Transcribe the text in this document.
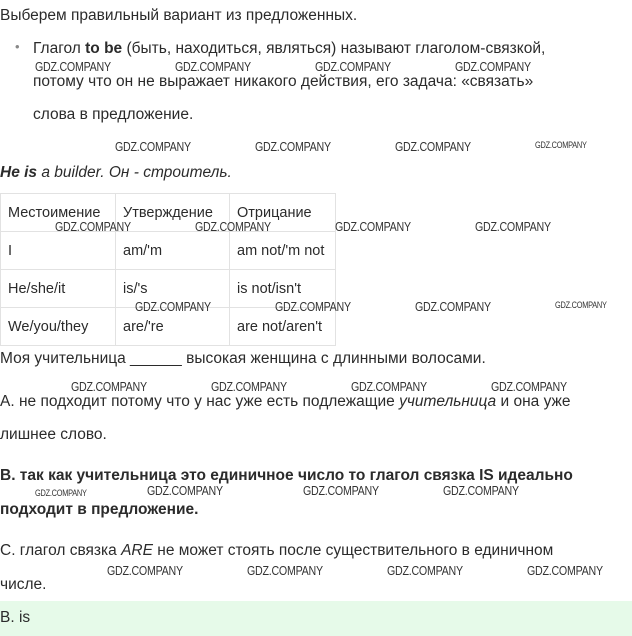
Выберем правильный вариант из предложенных.
• Глагол to be (быть, находиться, являться) называют глаголом-связкой,
потому что он не выражает никакого действия, его задача: «связать»
слова в предложение.
He is a builder. Он - строитель.
Местоимение	Утверждение	Отрицание
I	am/'m	am not/'m not
He/she/it	is/'s	is not/isn't
We/you/they	are/'re	are not/aren't
Моя учительница ______ высокая женщина с длинными волосами.
А. не подходит потому что у нас уже есть подлежащие учительница и она уже
лишнее слово.
В. так как учительница это единичное число то глагол связка IS идеально
подходит в предложение.
С. глагол связка ARE не может стоять после существительного в единичном
числе.
B. is
GDZ.COMPANY	GDZ.COMPANY	GDZ.COMPANY	GDZ.COMPANY
GDZ.COMPANY	GDZ.COMPANY	GDZ.COMPANY	GDZ.COMPANY
GDZ.COMPANY	GDZ.COMPANY	GDZ.COMPANY	GDZ.COMPANY
GDZ.COMPANY	GDZ.COMPANY	GDZ.COMPANY	GDZ.COMPANY
GDZ.COMPANY	GDZ.COMPANY	GDZ.COMPANY	GDZ.COMPANY
GDZ.COMPANY	GDZ.COMPANY	GDZ.COMPANY	GDZ.COMPANY
GDZ.COMPANY	GDZ.COMPANY	GDZ.COMPANY	GDZ.COMPANY
